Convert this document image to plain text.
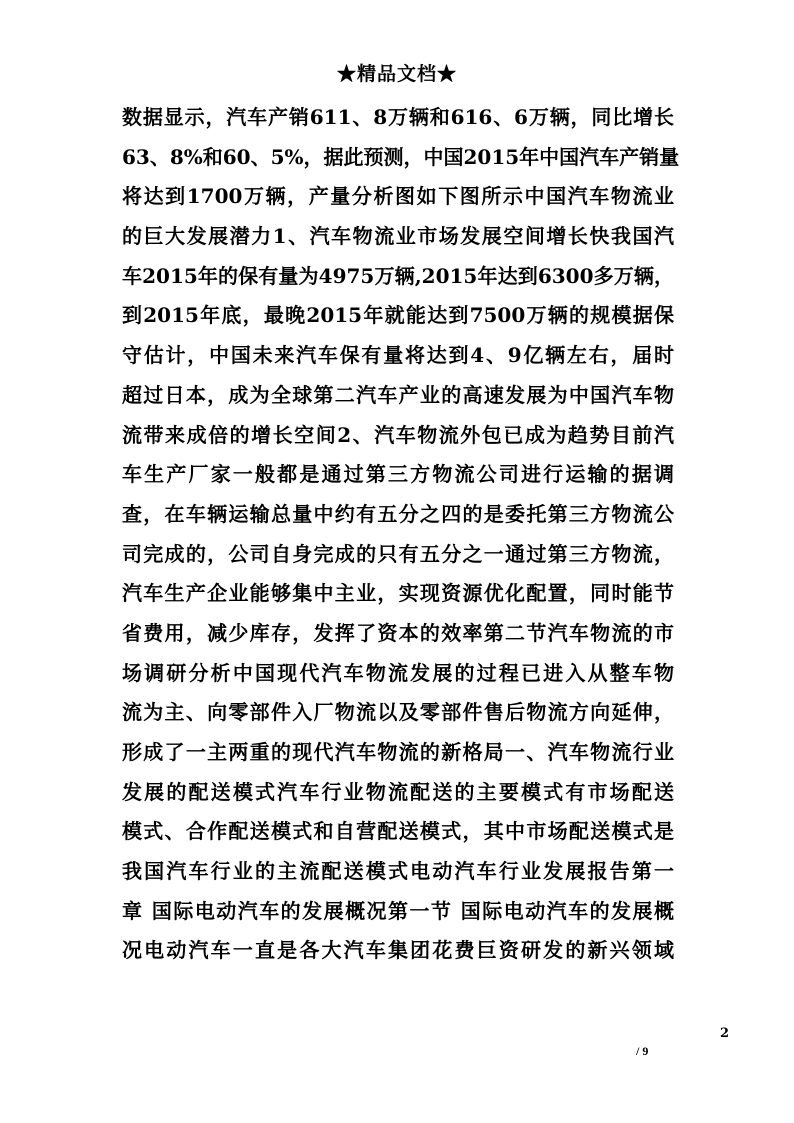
★精品文档★
数据显示，汽车产销611、8万辆和616、6万辆，同比增长
63、8%和60、5%，据此预测，中国2015年中国汽车产销量
将达到1700万辆，产量分析图如下图所示中国汽车物流业
的巨大发展潜力1、汽车物流业市场发展空间增长快我国汽
车2015年的保有量为4975万辆,2015年达到6300多万辆，
到2015年底，最晚2015年就能达到7500万辆的规模据保
守估计，中国未来汽车保有量将达到4、9亿辆左右，届时
超过日本，成为全球第二汽车产业的高速发展为中国汽车物
流带来成倍的增长空间2、汽车物流外包已成为趋势目前汽
车生产厂家一般都是通过第三方物流公司进行运输的据调
查，在车辆运输总量中约有五分之四的是委托第三方物流公
司完成的，公司自身完成的只有五分之一通过第三方物流，
汽车生产企业能够集中主业，实现资源优化配置，同时能节
省费用，减少库存，发挥了资本的效率第二节汽车物流的市
场调研分析中国现代汽车物流发展的过程已进入从整车物
流为主、向零部件入厂物流以及零部件售后物流方向延伸，
形成了一主两重的现代汽车物流的新格局一、汽车物流行业
发展的配送模式汽车行业物流配送的主要模式有市场配送
模式、合作配送模式和自营配送模式，其中市场配送模式是
我国汽车行业的主流配送模式电动汽车行业发展报告第一
章 国际电动汽车的发展概况第一节 国际电动汽车的发展概
况电动汽车一直是各大汽车集团花费巨资研发的新兴领域
2
/ 9
